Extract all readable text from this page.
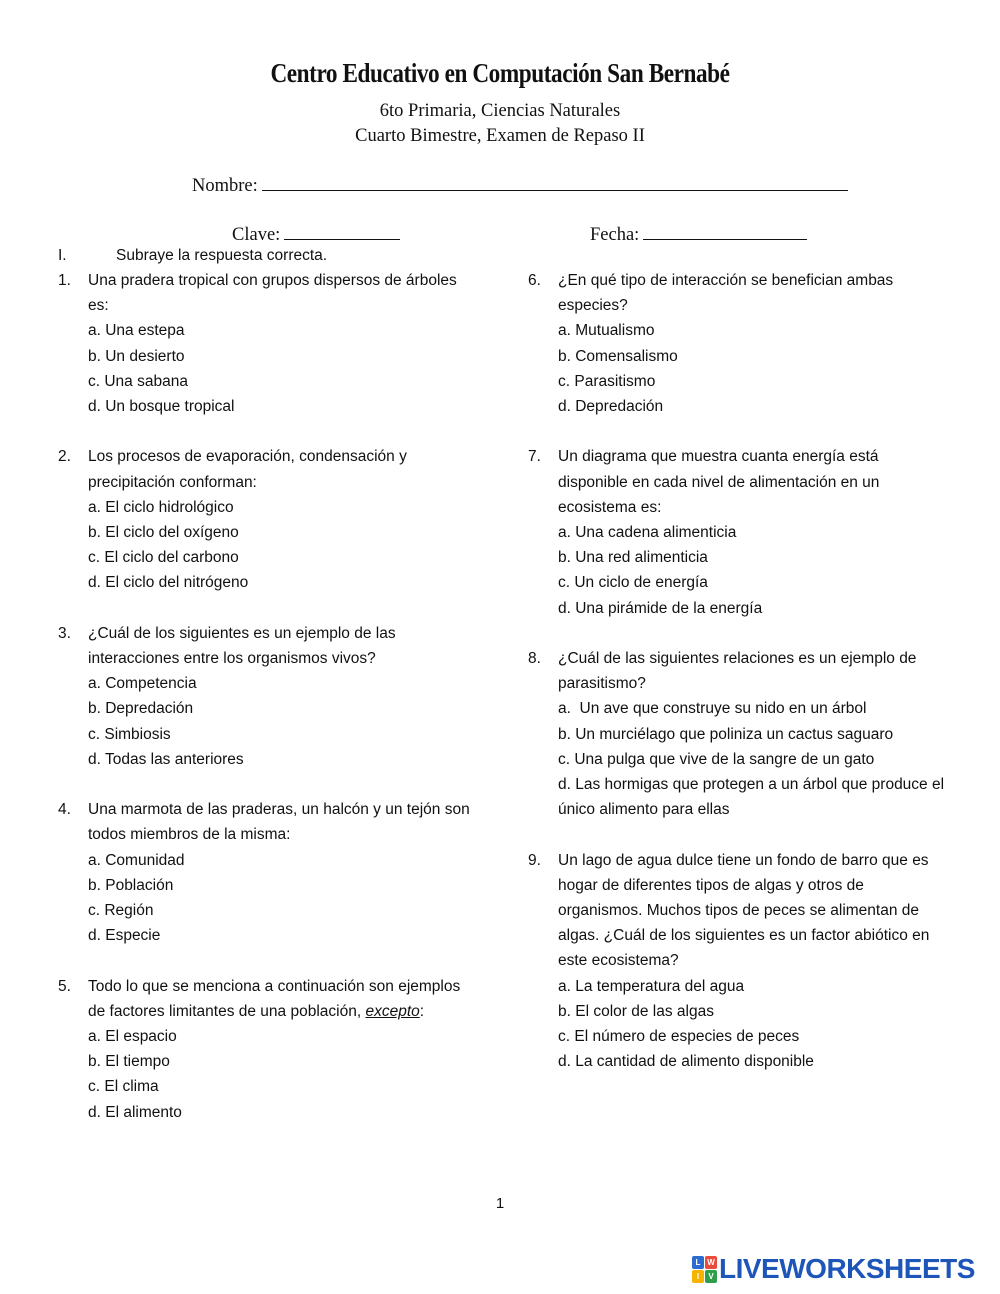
Centro Educativo en Computación San Bernabé
6to Primaria, Ciencias Naturales
Cuarto Bimestre, Examen de Repaso II
Nombre:
Clave:	Fecha:
I.	Subraye la respuesta correcta.
1. Una pradera tropical con grupos dispersos de árboles es:
a. Una estepa
b. Un desierto
c. Una sabana
d. Un bosque tropical
2. Los procesos de evaporación, condensación y precipitación conforman:
a. El ciclo hidrológico
b. El ciclo del oxígeno
c. El ciclo del carbono
d. El ciclo del nitrógeno
3. ¿Cuál de los siguientes es un ejemplo de las interacciones entre los organismos vivos?
a. Competencia
b. Depredación
c. Simbiosis
d. Todas las anteriores
4. Una marmota de las praderas, un halcón y un tejón son todos miembros de la misma:
a. Comunidad
b. Población
c. Región
d. Especie
5. Todo lo que se menciona a continuación son ejemplos de factores limitantes de una población, excepto:
a. El espacio
b. El tiempo
c. El clima
d. El alimento
6. ¿En qué tipo de interacción se benefician ambas especies?
a. Mutualismo
b. Comensalismo
c. Parasitismo
d. Depredación
7. Un diagrama que muestra cuanta energía está disponible en cada nivel de alimentación en un ecosistema es:
a. Una cadena alimenticia
b. Una red alimenticia
c. Un ciclo de energía
d. Una pirámide de la energía
8. ¿Cuál de las siguientes relaciones es un ejemplo de parasitismo?
a.  Un ave que construye su nido en un árbol
b. Un murciélago que poliniza un cactus saguaro
c. Una pulga que vive de la sangre de un gato
d. Las hormigas que protegen a un árbol que produce el único alimento para ellas
9. Un lago de agua dulce tiene un fondo de barro que es hogar de diferentes tipos de algas y otros de organismos. Muchos tipos de peces se alimentan de algas. ¿Cuál de los siguientes es un factor abiótico en este ecosistema?
a. La temperatura del agua
b. El color de las algas
c. El número de especies de peces
d. La cantidad de alimento disponible
1
L W
I	V LIVEWORKSHEETS
